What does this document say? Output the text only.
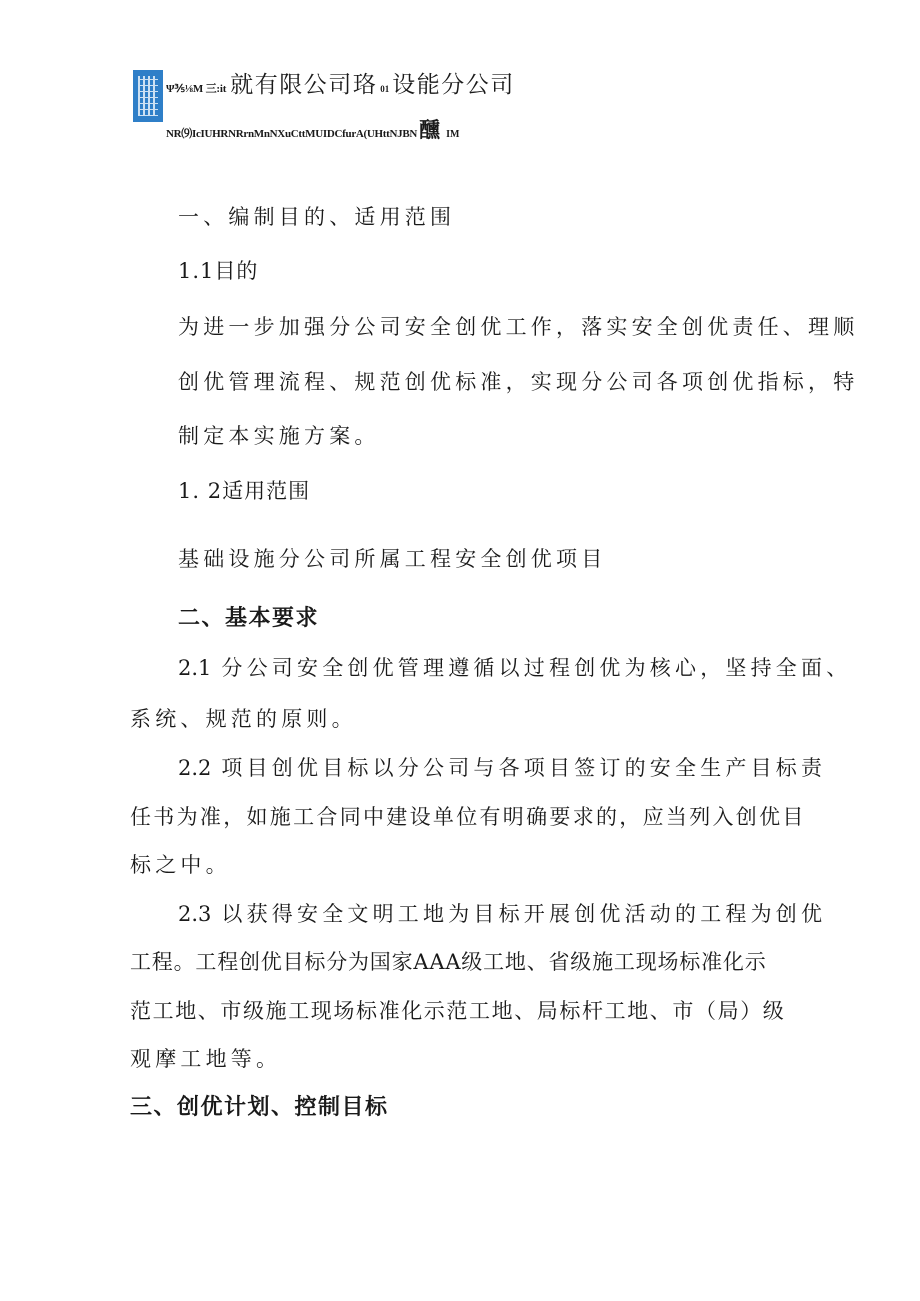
Ψ⅗⅛M 三:it 就有限公司珞 01 设能分公司
NR⑼IcIUHRNRrnMnNXuCttMUIDCfurA(UHttNJBN 醺 IM
一、编制目的、适用范围
1.1目的
为进一步加强分公司安全创优工作，落实安全创优责任、理顺
创优管理流程、规范创优标准，实现分公司各项创优指标，特
制定本实施方案。
1. 2适用范围
基础设施分公司所属工程安全创优项目
二、基本要求
2.1 分公司安全创优管理遵循以过程创优为核心，坚持全面、
系统、规范的原则。
2.2 项目创优目标以分公司与各项目签订的安全生产目标责
任书为准，如施工合同中建设单位有明确要求的，应当列入创优目
标之中。
2.3 以获得安全文明工地为目标开展创优活动的工程为创优
工程。工程创优目标分为国家AAA级工地、省级施工现场标准化示
范工地、市级施工现场标准化示范工地、局标杆工地、市（局）级
观摩工地等。
三、创优计划、控制目标
